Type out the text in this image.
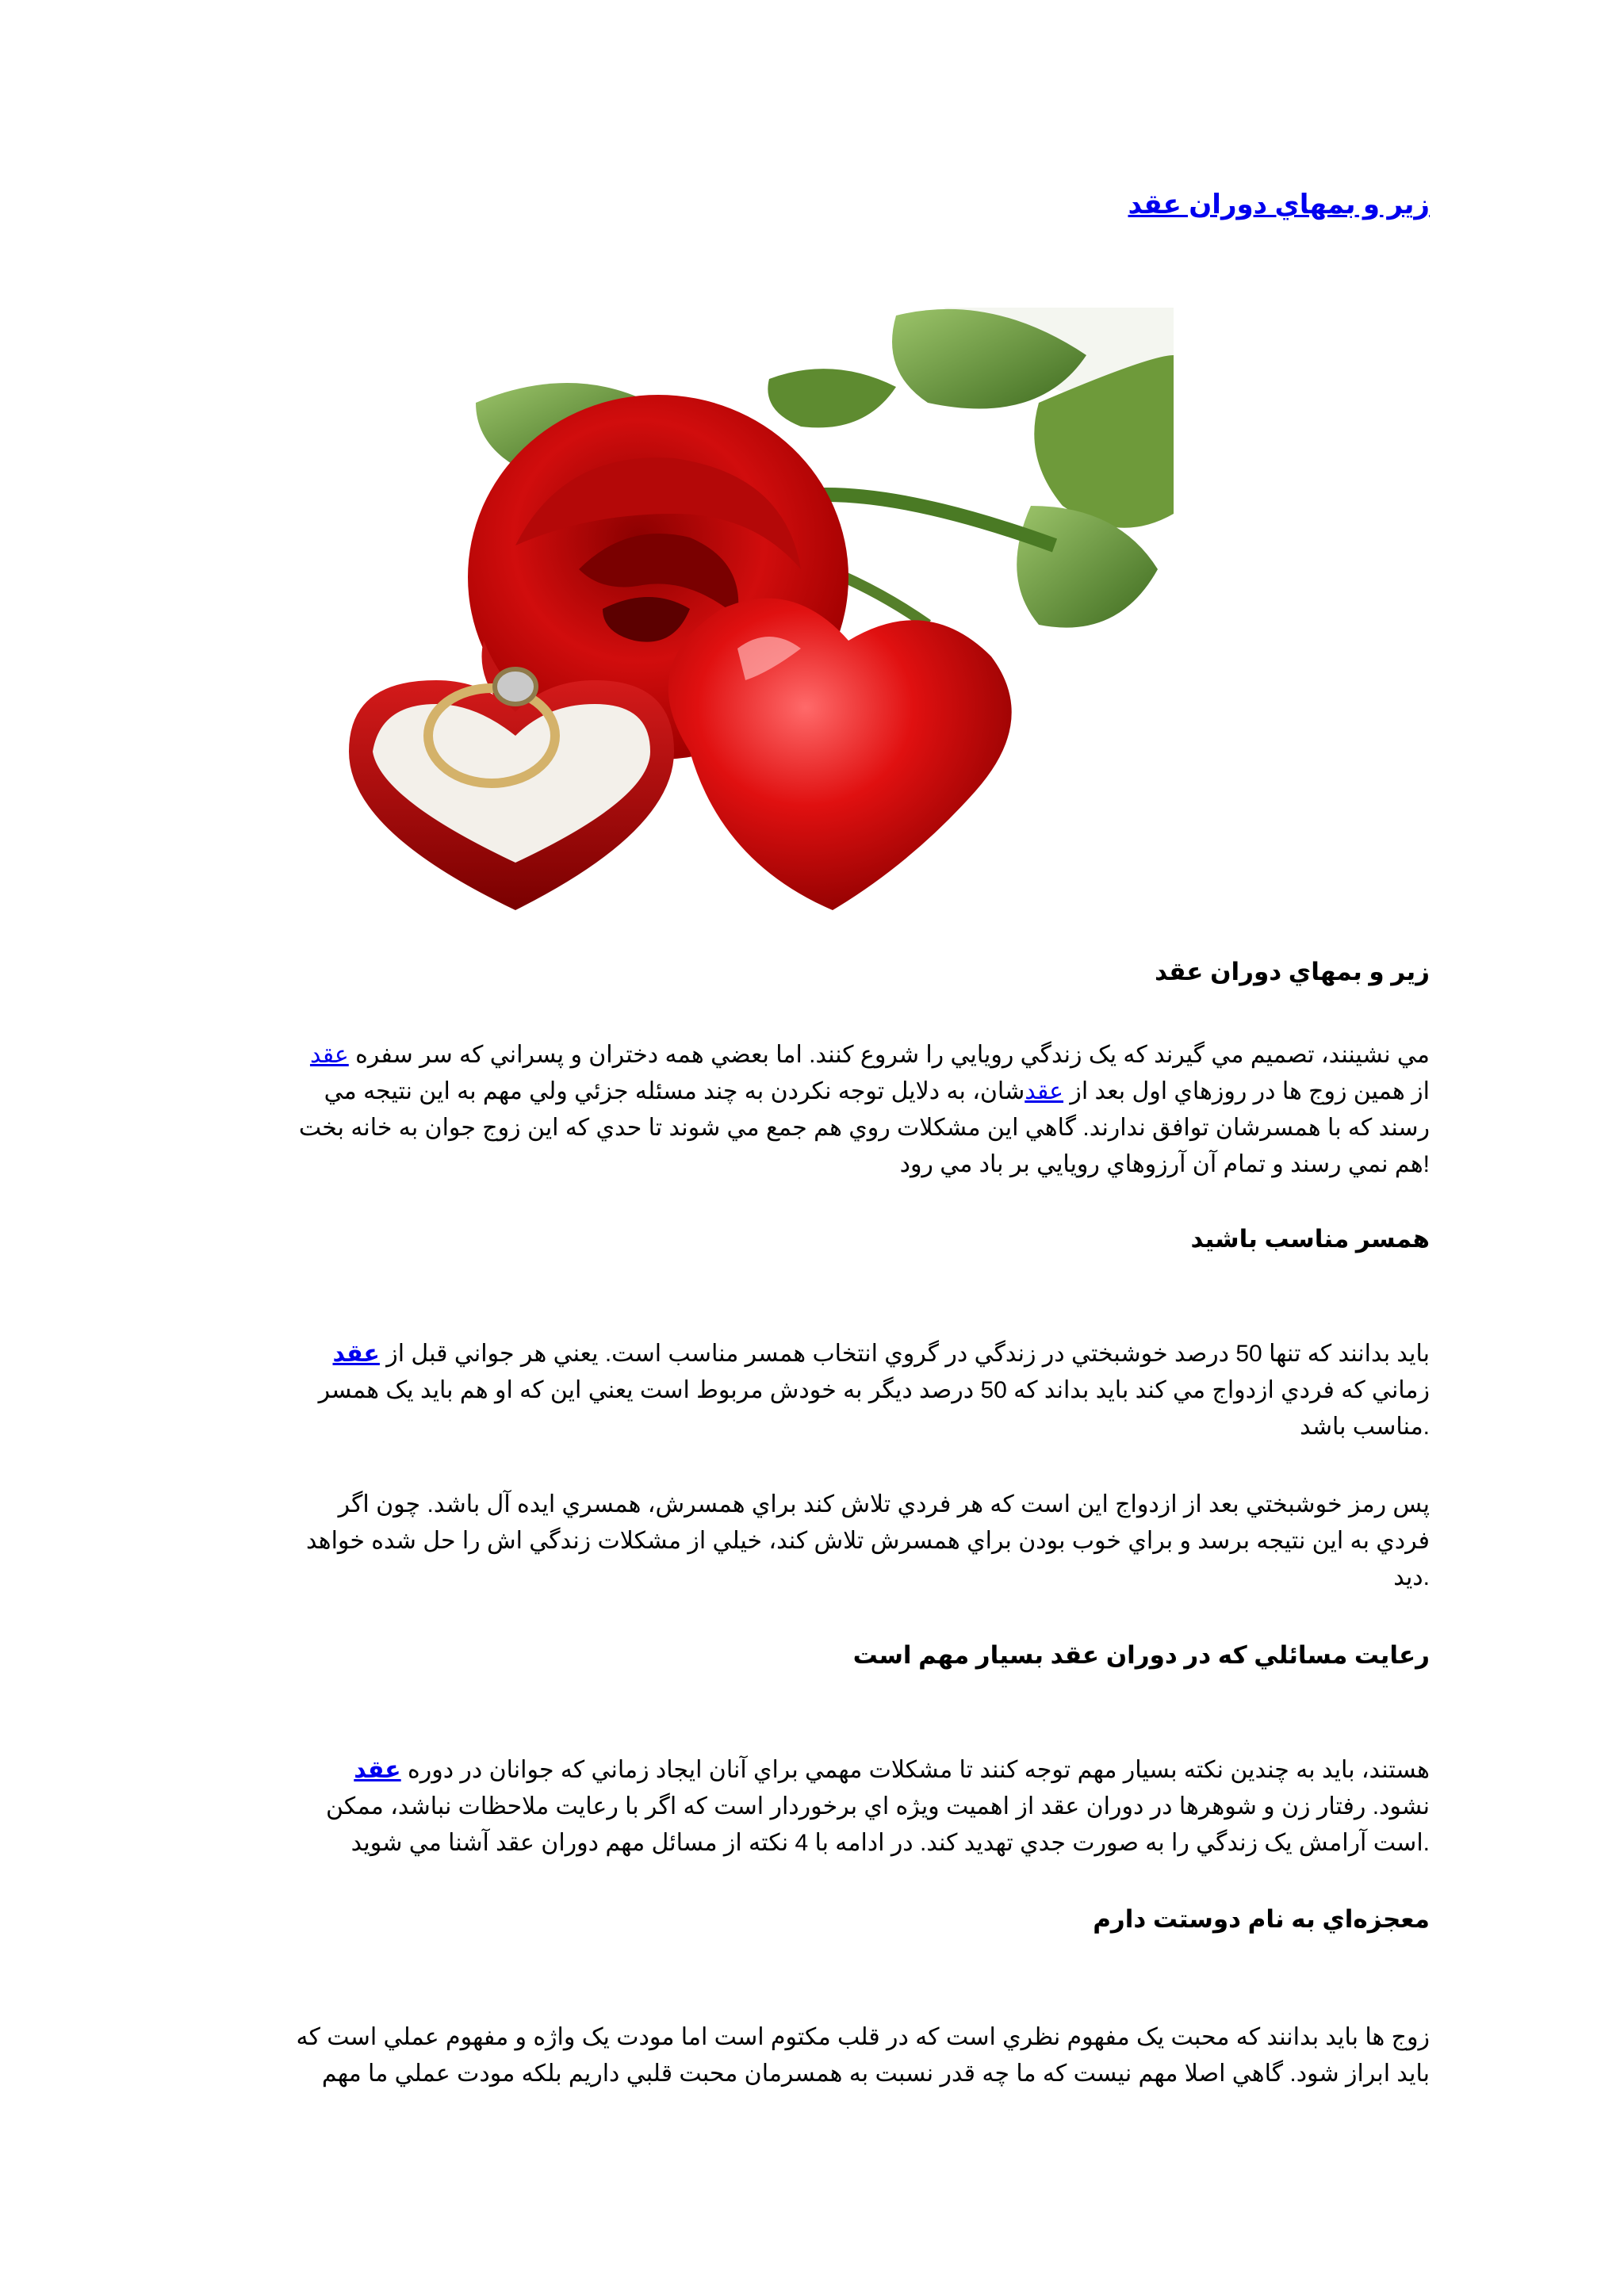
زير و بمهاي دوران عقد
زير و بمهاي دوران عقد
مي نشينند، تصميم مي گيرند که يک زندگي رويايي را شروع کنند. اما بعضي همه دختران و پسراني که سر سفره عقد
از همين زوج ها در روزهاي اول بعد از عقدشان، به دلايل توجه نکردن به چند مسئله جزئي ولي مهم به اين نتيجه مي
رسند که با همسرشان توافق ندارند. گاهي اين مشکلات روي هم جمع مي شوند تا حدي که اين زوج جوان به خانه بخت
!هم نمي رسند و تمام آن آرزوهاي رويايي بر باد مي رود
همسر مناسب باشيد
بايد بدانند که تنها 50 درصد خوشبختي در زندگي در گروي انتخاب همسر مناسب است. يعني هر جواني قبل از عقد
زماني که فردي ازدواج مي کند بايد بداند که 50 درصد ديگر به خودش مربوط است يعني اين که او هم بايد يک همسر
.مناسب باشد
پس رمز خوشبختي بعد از ازدواج اين است که هر فردي تلاش کند براي همسرش، همسري ايده آل باشد. چون اگر
فردي به اين نتيجه برسد و براي خوب بودن براي همسرش تلاش کند، خيلي از مشکلات زندگي اش را حل شده خواهد
.ديد
رعايت مسائلي که در دوران عقد بسيار مهم است
هستند، بايد به چندين نکته بسيار مهم توجه کنند تا مشکلات مهمي براي آنان ايجاد زماني که جوانان در دوره عقد
نشود. رفتار زن و شوهرها در دوران عقد از اهميت ويژه اي برخوردار است که اگر با رعايت ملاحظات نباشد، ممکن
.است آرامش يک زندگي را به صورت جدي تهديد کند. در ادامه با 4 نکته از مسائل مهم دوران عقد آشنا مي شويد
معجزه‌اي به نام دوستت دارم
زوج ها بايد بدانند که محبت يک مفهوم نظري است که در قلب مکتوم است اما مودت يک واژه و مفهوم عملي است که
بايد ابراز شود. گاهي اصلا مهم نيست که ما چه قدر نسبت به همسرمان محبت قلبي داريم بلکه مودت عملي ما مهم
